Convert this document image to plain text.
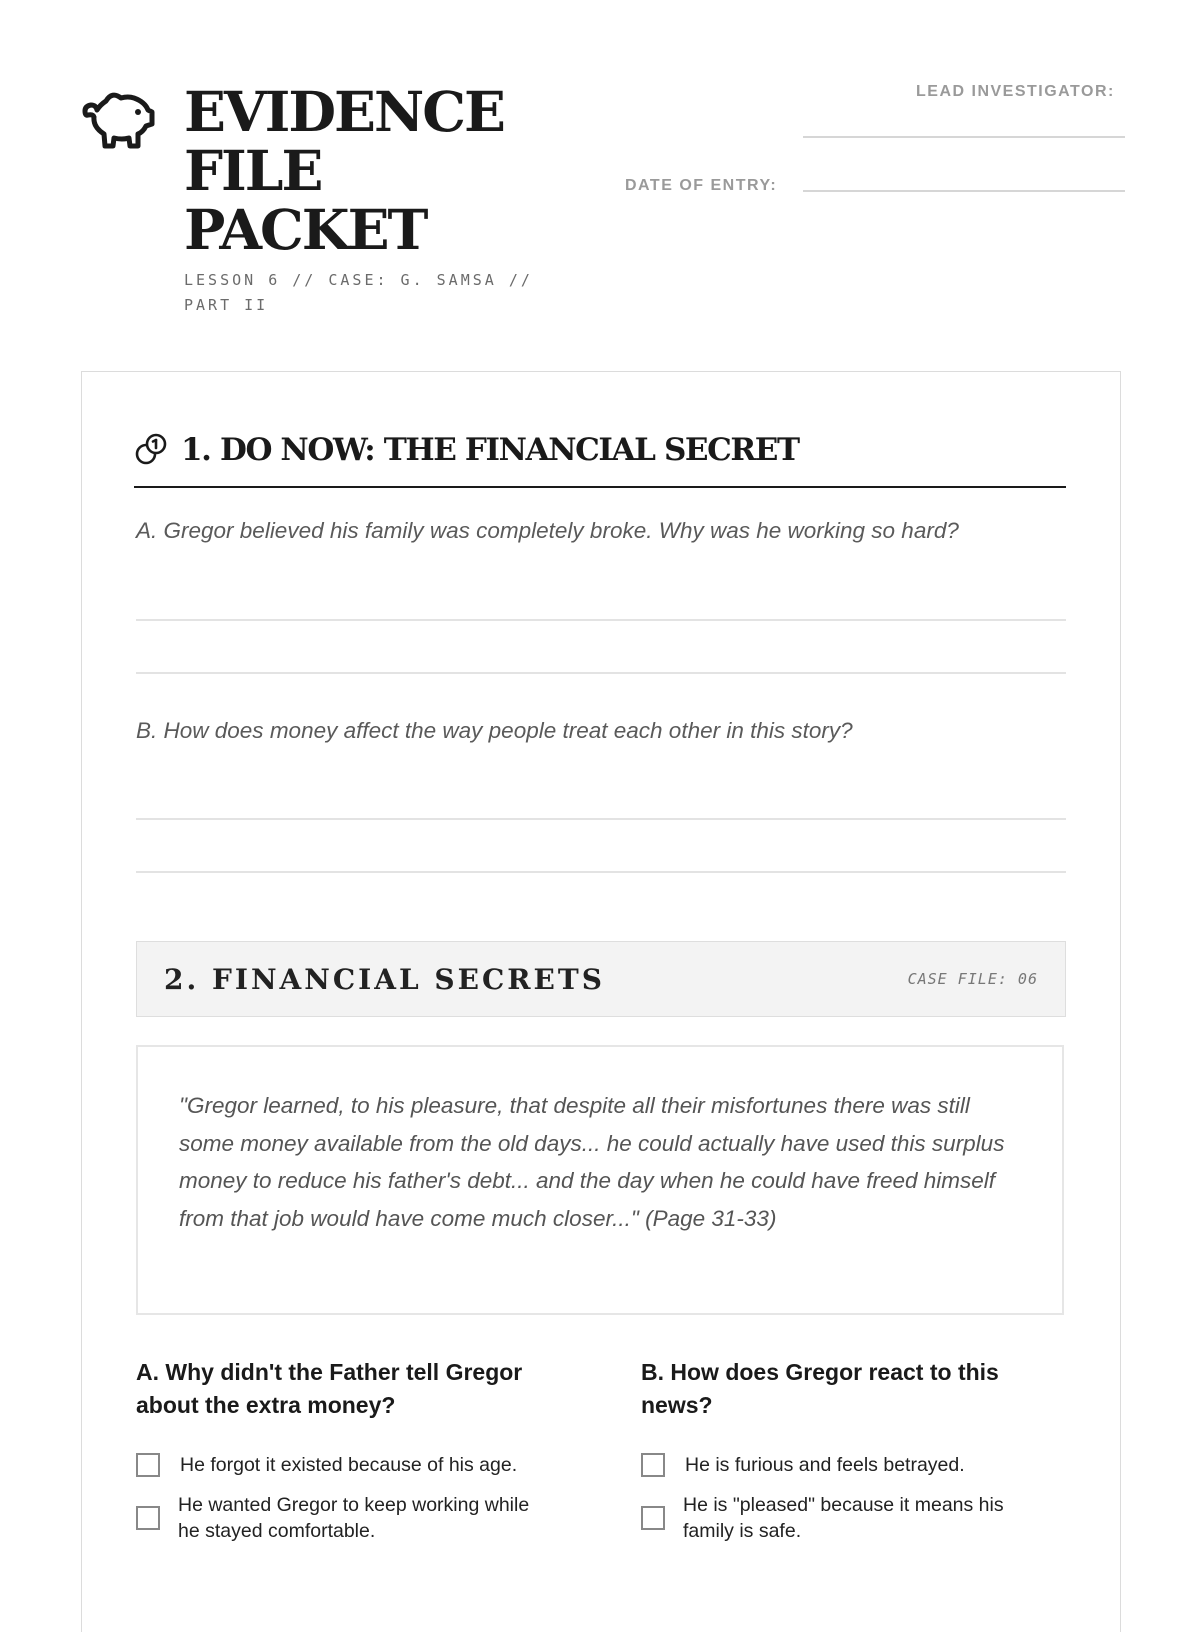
EVIDENCE
FILE
PACKET
LESSON 6 // CASE: G. SAMSA // PART II
LEAD INVESTIGATOR:
DATE OF ENTRY:
1. DO NOW: THE FINANCIAL SECRET
A. Gregor believed his family was completely broke. Why was he working so hard?
B. How does money affect the way people treat each other in this story?
2. FINANCIAL SECRETS	CASE FILE: 06
"Gregor learned, to his pleasure, that despite all their misfortunes there was still some money available from the old days... he could actually have used this surplus money to reduce his father's debt... and the day when he could have freed himself from that job would have come much closer..." (Page 31-33)
A. Why didn't the Father tell Gregor about the extra money?
He forgot it existed because of his age.
He wanted Gregor to keep working while he stayed comfortable.
B. How does Gregor react to this news?
He is furious and feels betrayed.
He is "pleased" because it means his family is safe.
